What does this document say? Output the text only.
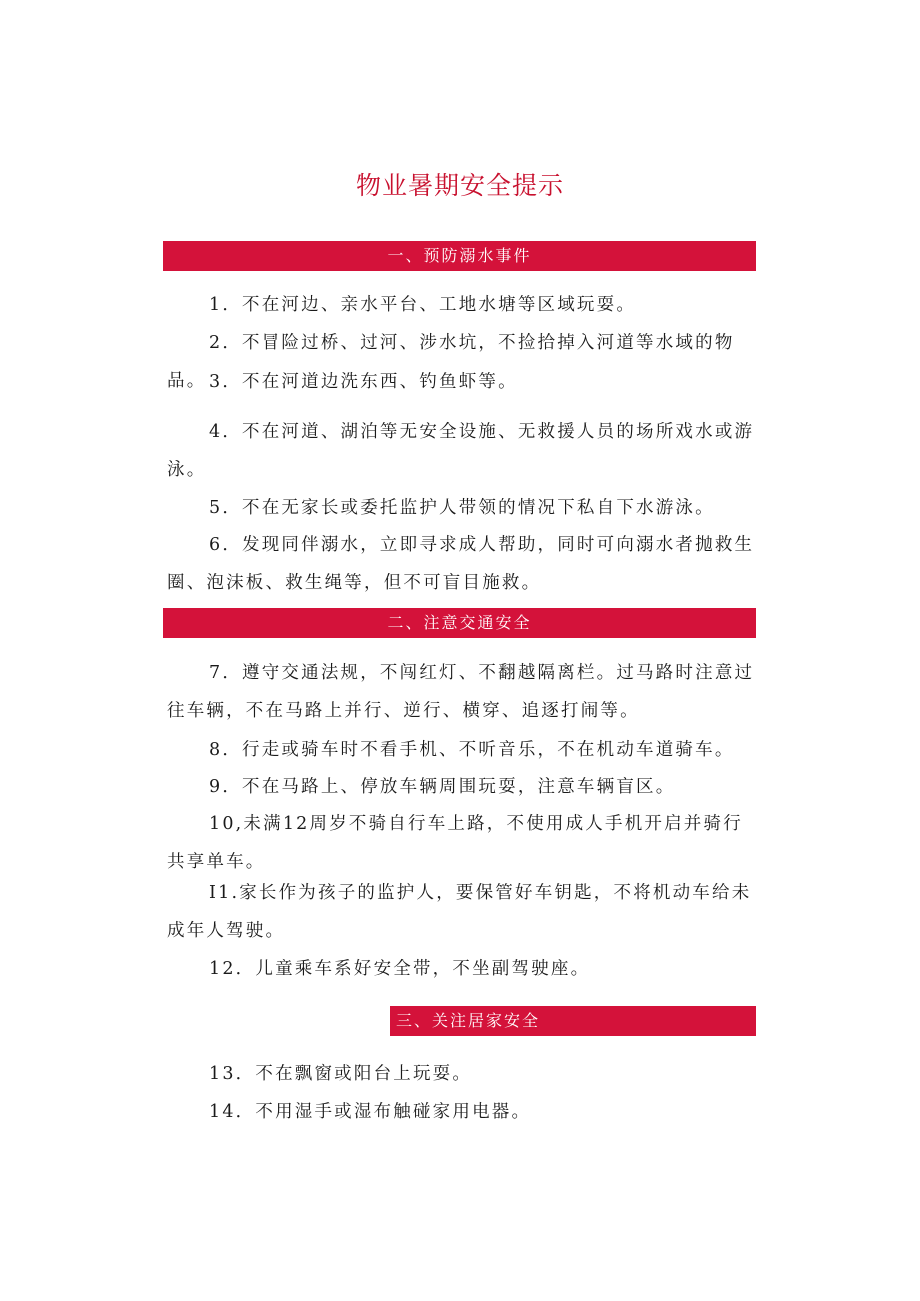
物业暑期安全提示
一、预防溺水事件
1．不在河边、亲水平台、工地水塘等区域玩耍。
2．不冒险过桥、过河、涉水坑，不捡拾掉入河道等水域的物品。 3．不在河道边洗东西、钓鱼虾等。
4．不在河道、湖泊等无安全设施、无救援人员的场所戏水或游泳。
5．不在无家长或委托监护人带领的情况下私自下水游泳。
6．发现同伴溺水，立即寻求成人帮助，同时可向溺水者抛救生圈、泡沫板、救生绳等，但不可盲目施救。
二、注意交通安全
7．遵守交通法规，不闯红灯、不翻越隔离栏。过马路时注意过往车辆，不在马路上并行、逆行、横穿、追逐打闹等。
8．行走或骑车时不看手机、不听音乐，不在机动车道骑车。
9．不在马路上、停放车辆周围玩耍，注意车辆盲区。
10,未满12周岁不骑自行车上路，不使用成人手机开启并骑行共享单车。
I1.家长作为孩子的监护人，要保管好车钥匙，不将机动车给未成年人驾驶。
12．儿童乘车系好安全带，不坐副驾驶座。
三、关注居家安全
13．不在飘窗或阳台上玩耍。
14．不用湿手或湿布触碰家用电器。
